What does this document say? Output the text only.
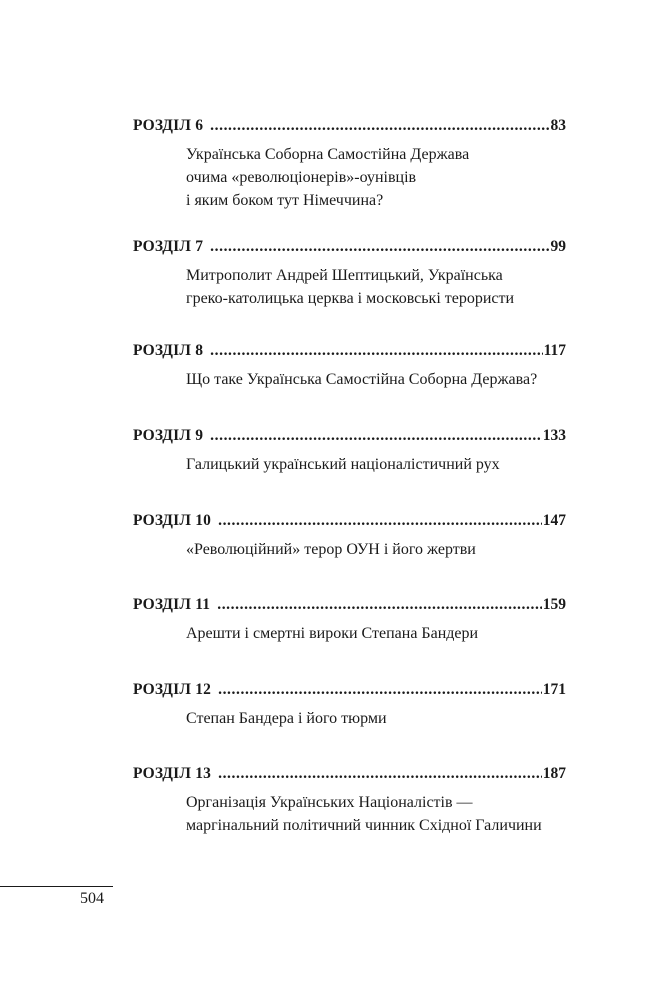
РОЗДІЛ 6 .....	83
Українська Соборна Самостійна Держава
очима «революціонерів»-оунівців
і яким боком тут Німеччина?
РОЗДІЛ 7 .....	99
Митрополит Андрей Шептицький, Українська
греко-католицька церква і московські терористи
РОЗДІЛ 8 .....	117
Що таке Українська Самостійна Соборна Держава?
РОЗДІЛ 9 .....	133
Галицький український націоналістичний рух
РОЗДІЛ 10 .....	147
«Революційний» терор ОУН і його жертви
РОЗДІЛ 11 .....	159
Арешти і смертні вироки Степана Бандери
РОЗДІЛ 12 .....	171
Степан Бандера і його тюрми
РОЗДІЛ 13 .....	187
Організація Українських Націоналістів —
маргінальний політичний чинник Східної Галичини
504
